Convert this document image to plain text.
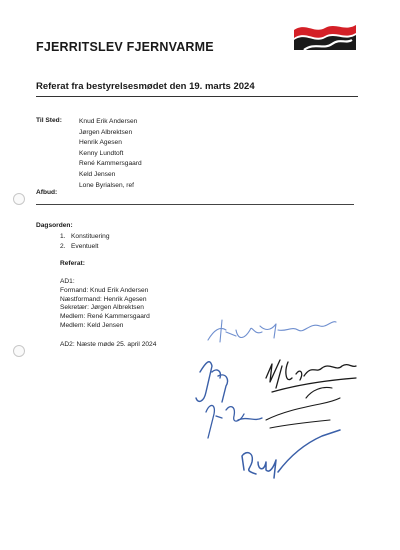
FJERRITSLEV FJERNVARME
Referat fra bestyrelsesmødet den 19. marts 2024
Til Sted:	Knud Erik Andersen
Jørgen Albrektsen
Henrik Agesen
Kenny Lundtoft
René Kammersgaard
Keld Jensen
Lone Byrialsen, ref
Afbud:
Dagsorden:
1. Konstituering
2. Eventuelt
Referat:
AD1:
Formand: Knud Erik Andersen
Næstformand: Henrik Agesen
Sekretær: Jørgen Albrektsen
Medlem: René Kammersgaard
Medlem: Keld Jensen
AD2: Næste møde 25. april 2024
